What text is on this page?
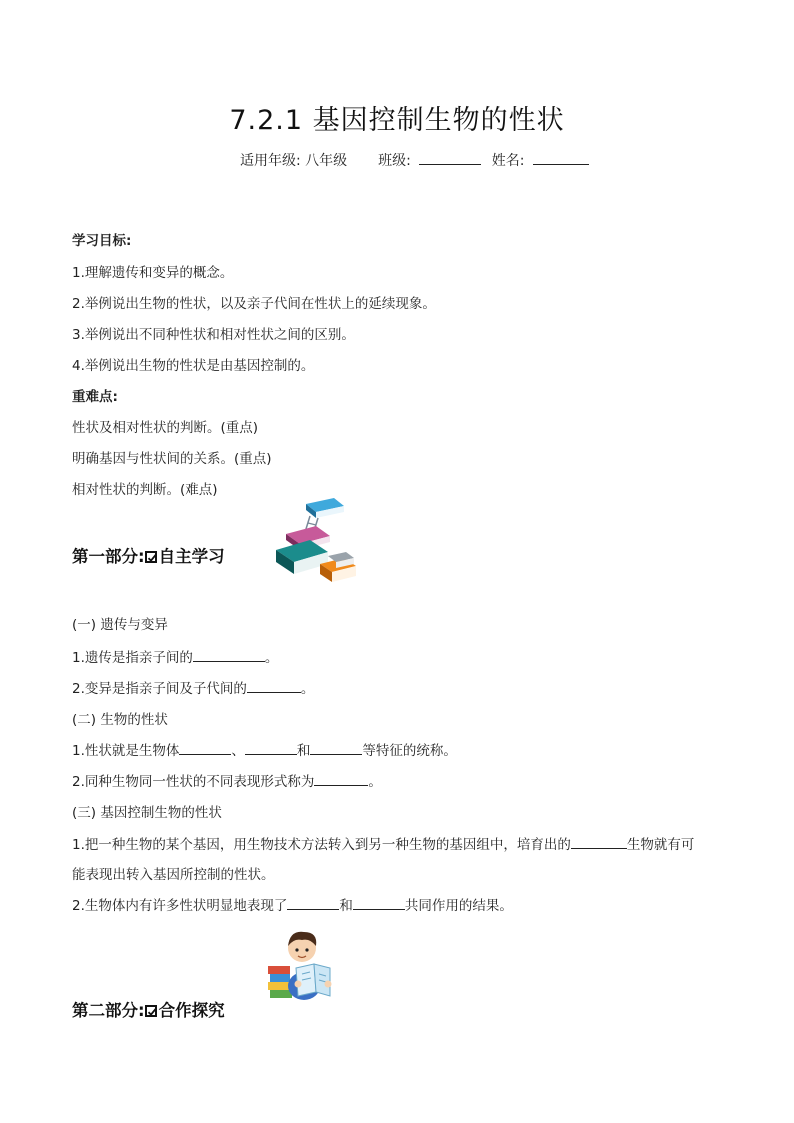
7.2.1 基因控制生物的性状
适用年级: 八年级 班级:	姓名:
学习目标:
1.理解遗传和变异的概念。
2.举例说出生物的性状，以及亲子代间在性状上的延续现象。
3.举例说出不同种性状和相对性状之间的区别。
4.举例说出生物的性状是由基因控制的。
重难点:
性状及相对性状的判断。(重点)
明确基因与性状间的关系。(重点)
相对性状的判断。(难点)
第一部分: 自主学习
(一) 遗传与变异
1.遗传是指亲子间的	。
2.变异是指亲子间及子代间的	。
(二) 生物的性状
1.性状就是生物体	、	和	等特征的统称。
2.同种生物同一性状的不同表现形式称为	。
(三) 基因控制生物的性状
1.把一种生物的某个基因，用生物技术方法转入到另一种生物的基因组中，培育出的	生物就有可
能表现出转入基因所控制的性状。
2.生物体内有许多性状明显地表现了	和	共同作用的结果。
第二部分: 合作探究
